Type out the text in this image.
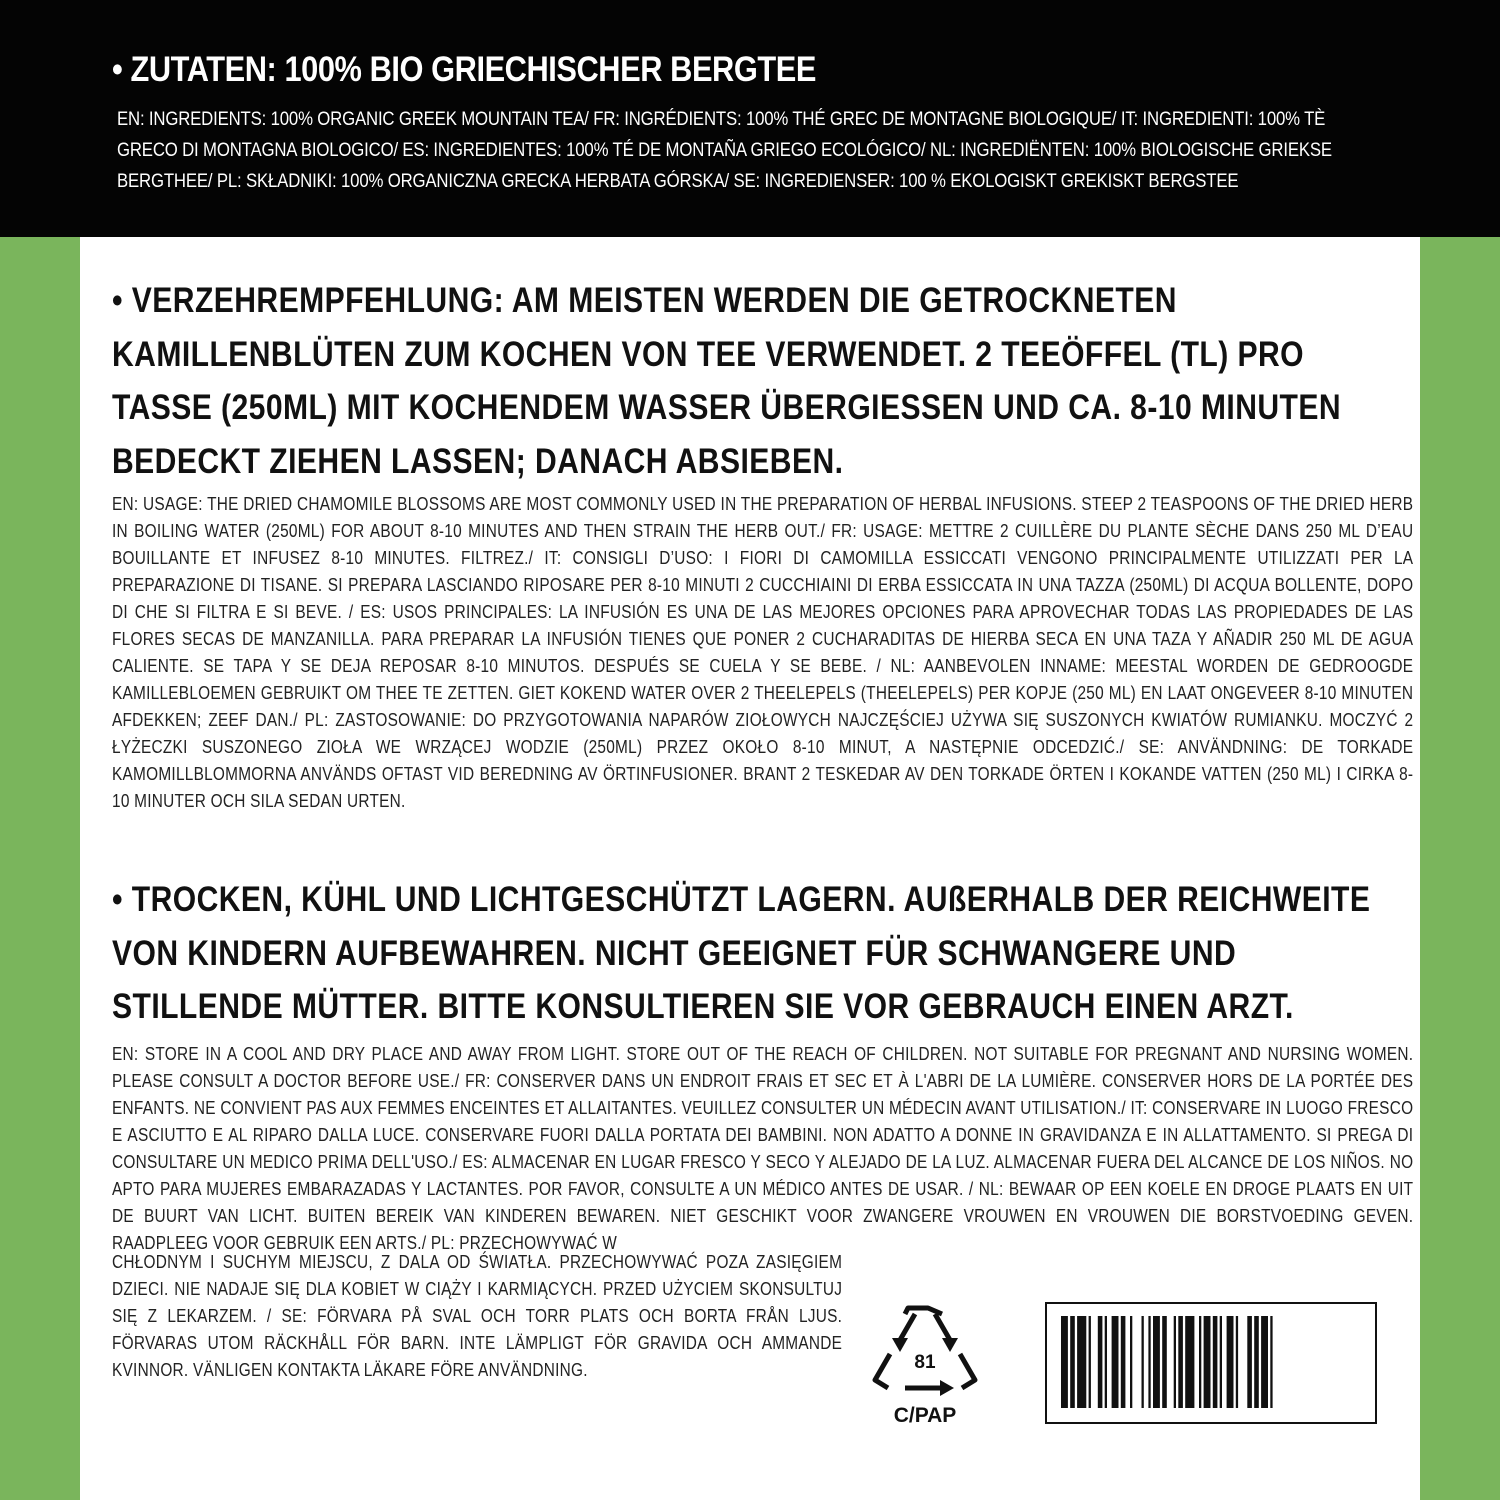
• ZUTATEN: 100% BIO GRIECHISCHER BERGTEE
EN: INGREDIENTS: 100% ORGANIC GREEK MOUNTAIN TEA/ FR: INGRÉDIENTS: 100% THÉ GREC DE MONTAGNE BIOLOGIQUE/ IT: INGREDIENTI: 100% TÈ GRECO DI MONTAGNA BIOLOGICO/ ES: INGREDIENTES: 100% TÉ DE MONTAÑA GRIEGO ECOLÓGICO/ NL: INGREDIËNTEN: 100% BIOLOGISCHE GRIEKSE BERGTHEE/ PL: SKŁADNIKI: 100% ORGANICZNA GRECKA HERBATA GÓRSKA/ SE: INGREDIENSER: 100 % EKOLOGISKT GREKISKT BERGSTEE
• VERZEHREMPFEHLUNG: AM MEISTEN WERDEN DIE GETROCKNETEN KAMILLENBLÜTEN ZUM KOCHEN VON TEE VERWENDET. 2 TEEÖFFEL (TL) PRO TASSE (250ML) MIT KOCHENDEM WASSER ÜBERGIESSEN UND CA. 8-10 MINUTEN BEDECKT ZIEHEN LASSEN; DANACH ABSIEBEN.
EN: USAGE: THE DRIED CHAMOMILE BLOSSOMS ARE MOST COMMONLY USED IN THE PREPARATION OF HERBAL INFUSIONS. STEEP 2 TEASPOONS OF THE DRIED HERB IN BOILING WATER (250ML) FOR ABOUT 8-10 MINUTES AND THEN STRAIN THE HERB OUT./ FR: USAGE: METTRE 2 CUILLÈRE DU PLANTE SÈCHE DANS 250 ML D’EAU BOUILLANTE ET INFUSEZ 8-10 MINUTES. FILTREZ./ IT: CONSIGLI D’USO: I FIORI DI CAMOMILLA ESSICCATI VENGONO PRINCIPALMENTE UTILIZZATI PER LA PREPARAZIONE DI TISANE. SI PREPARA LASCIANDO RIPOSARE PER 8-10 MINUTI 2 CUCCHIAINI DI ERBA ESSICCATA IN UNA TAZZA (250ML) DI ACQUA BOLLENTE, DOPO DI CHE SI FILTRA E SI BEVE. / ES: USOS PRINCIPALES: LA INFUSIÓN ES UNA DE LAS MEJORES OPCIONES PARA APROVECHAR TODAS LAS PROPIEDADES DE LAS FLORES SECAS DE MANZANILLA. PARA PREPARAR LA INFUSIÓN TIENES QUE PONER 2 CUCHARADITAS DE HIERBA SECA EN UNA TAZA Y AÑADIR 250 ML DE AGUA CALIENTE. SE TAPA Y SE DEJA REPOSAR 8-10 MINUTOS. DESPUÉS SE CUELA Y SE BEBE. / NL: AANBEVOLEN INNAME: MEESTAL WORDEN DE GEDROOGDE KAMILLEBLOEMEN GEBRUIKT OM THEE TE ZETTEN. GIET KOKEND WATER OVER 2 THEELEPELS (THEELEPELS) PER KOPJE (250 ML) EN LAAT ONGEVEER 8-10 MINUTEN AFDEKKEN; ZEEF DAN./ PL: ZASTOSOWANIE: DO PRZYGOTOWANIA NAPARÓW ZIOŁOWYCH NAJCZĘŚCIEJ UŻYWA SIĘ SUSZONYCH KWIATÓW RUMIANKU. MOCZYĆ 2 ŁYŻECZKI SUSZONEGO ZIOŁA WE WRZĄCEJ WODZIE (250ML) PRZEZ OKOŁO 8-10 MINUT, A NASTĘPNIE ODCEDZIĆ./ SE: ANVÄNDNING: DE TORKADE KAMOMILLBLOMMORNA ANVÄNDS OFTAST VID BEREDNING AV ÖRTINFUSIONER. BRANT 2 TESKEDAR AV DEN TORKADE ÖRTEN I KOKANDE VATTEN (250 ML) I CIRKA 8-10 MINUTER OCH SILA SEDAN URTEN.
• TROCKEN, KÜHL UND LICHTGESCHÜTZT LAGERN. AUßERHALB DER REICHWEITE VON KINDERN AUFBEWAHREN. NICHT GEEIGNET FÜR SCHWANGERE UND STILLENDE MÜTTER. BITTE KONSULTIEREN SIE VOR GEBRAUCH EINEN ARZT.
EN: STORE IN A COOL AND DRY PLACE AND AWAY FROM LIGHT. STORE OUT OF THE REACH OF CHILDREN. NOT SUITABLE FOR PREGNANT AND NURSING WOMEN. PLEASE CONSULT A DOCTOR BEFORE USE./ FR: CONSERVER DANS UN ENDROIT FRAIS ET SEC ET À L'ABRI DE LA LUMIÈRE. CONSERVER HORS DE LA PORTÉE DES ENFANTS. NE CONVIENT PAS AUX FEMMES ENCEINTES ET ALLAITANTES. VEUILLEZ CONSULTER UN MÉDECIN AVANT UTILISATION./ IT: CONSERVARE IN LUOGO FRESCO E ASCIUTTO E AL RIPARO DALLA LUCE. CONSERVARE FUORI DALLA PORTATA DEI BAMBINI. NON ADATTO A DONNE IN GRAVIDANZA E IN ALLATTAMENTO. SI PREGA DI CONSULTARE UN MEDICO PRIMA DELL'USO./ ES: ALMACENAR EN LUGAR FRESCO Y SECO Y ALEJADO DE LA LUZ. ALMACENAR FUERA DEL ALCANCE DE LOS NIÑOS. NO APTO PARA MUJERES EMBARAZADAS Y LACTANTES. POR FAVOR, CONSULTE A UN MÉDICO ANTES DE USAR. / NL: BEWAAR OP EEN KOELE EN DROGE PLAATS EN UIT DE BUURT VAN LICHT. BUITEN BEREIK VAN KINDEREN BEWAREN. NIET GESCHIKT VOOR ZWANGERE VROUWEN EN VROUWEN DIE BORSTVOEDING GEVEN. RAADPLEEG VOOR GEBRUIK EEN ARTS./ PL: PRZECHOWYWAĆ W
CHŁODNYM I SUCHYM MIEJSCU, Z DALA OD ŚWIATŁA. PRZECHOWYWAĆ POZA ZASIĘGIEM DZIECI. NIE NADAJE SIĘ DLA KOBIET W CIĄŻY I KARMIĄCYCH. PRZED UŻYCIEM SKONSULTUJ SIĘ Z LEKARZEM. / SE: FÖRVARA PÅ SVAL OCH TORR PLATS OCH BORTA FRÅN LJUS. FÖRVARAS UTOM RÄCKHÅLL FÖR BARN. INTE LÄMPLIGT FÖR GRAVIDA OCH AMMANDE KVINNOR. VÄNLIGEN KONTAKTA LÄKARE FÖRE ANVÄNDNING.	81
C/PAP
